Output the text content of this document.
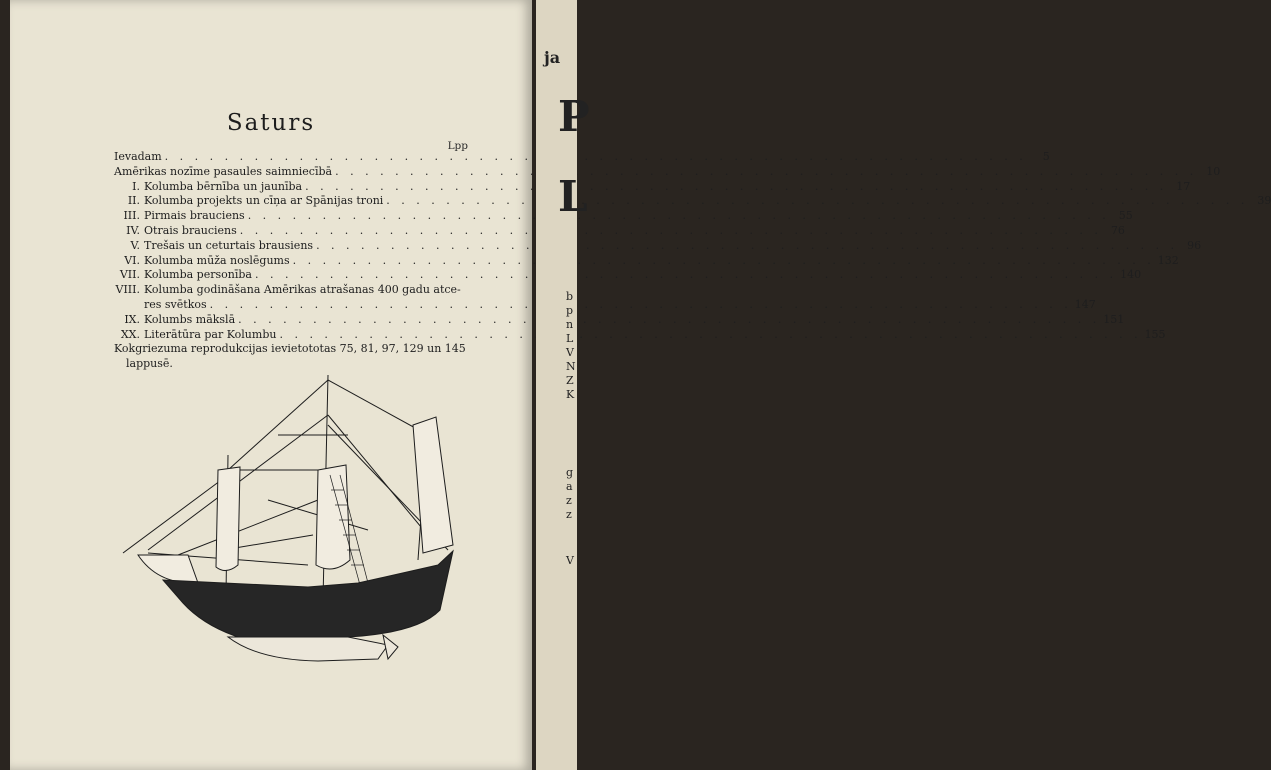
Saturs
Lpp
Ievadam . . .	5
Amērikas nozīme pasaules saimniecībā . . .	10
I. Kolumba bērnība un jaunība . . .	17
II. Kolumba projekts un cīņa ar Spānijas troni . . .	39
III. Pirmais brauciens . . .	55
IV. Otrais brauciens . . .	76
V. Trešais un ceturtais brausiens . . .	96
VI. Kolumba mūža noslēgums . . .	132
VII. Kolumba personība . . .	140
VIII. Kolumba godināšana Amērikas atrašanas 400 gadu atce-
res svētkos . . .	147
IX. Kolumbs mākslā . . .	151
XX. Literātūra par Kolumbu . . .	155
Kokgriezuma reprodukcijas ievietototas 75, 81, 97, 129 un 145
lappusē.
ja
P
L
b
p
n
L
V
N
Z
K
g
a
z
z
V
